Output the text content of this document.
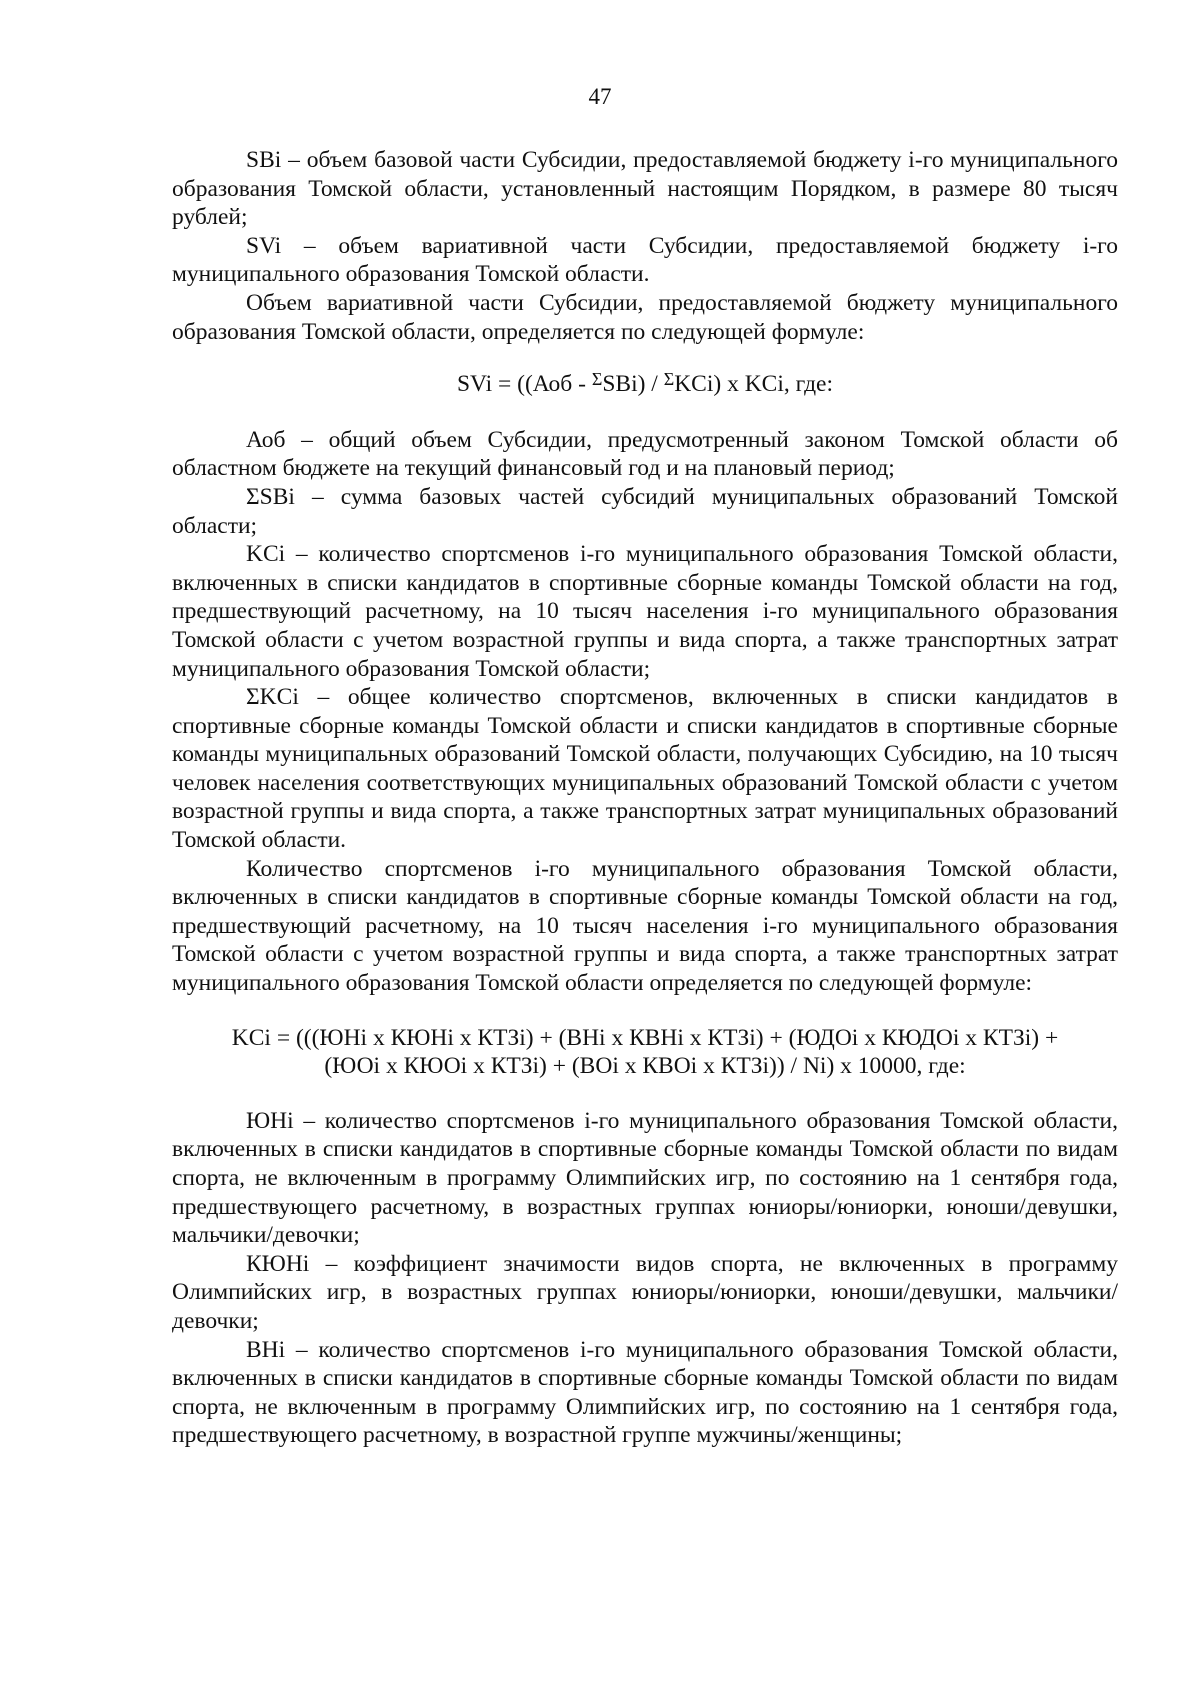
47

SBi – объем базовой части Субсидии, предоставляемой бюджету i-го муниципального образования Томской области, установленный настоящим Порядком, в размере 80 тысяч рублей;

SVi – объем вариативной части Субсидии, предоставляемой бюджету i-го муниципального образования Томской области.

Объем вариативной части Субсидии, предоставляемой бюджету муниципального образования Томской области, определяется по следующей формуле:

SVi = ((Аоб - $^\Sigma$SBi) / $^\Sigma$KCi) x KCi, где:

Аоб – общий объем Субсидии, предусмотренный законом Томской области об областном бюджете на текущий финансовый год и на плановый период;

ΣSBi – сумма базовых частей субсидий муниципальных образований Томской области;

KCi – количество спортсменов i-го муниципального образования Томской области, включенных в списки кандидатов в спортивные сборные команды Томской области на год, предшествующий расчетному, на 10 тысяч населения i-го муниципального образования Томской области с учетом возрастной группы и вида спорта, а также транспортных затрат муниципального образования Томской области;

ΣKCi – общее количество спортсменов, включенных в списки кандидатов в спортивные сборные команды Томской области и списки кандидатов в спортивные сборные команды муниципальных образований Томской области, получающих Субсидию, на 10 тысяч человек населения соответствующих муниципальных образований Томской области с учетом возрастной группы и вида спорта, а также транспортных затрат муниципальных образований Томской области.

Количество спортсменов i-го муниципального образования Томской области, включенных в списки кандидатов в спортивные сборные команды Томской области на год, предшествующий расчетному, на 10 тысяч населения i-го муниципального образования Томской области с учетом возрастной группы и вида спорта, а также транспортных затрат муниципального образования Томской области определяется по следующей формуле:

KCi = (((ЮНi x КЮНi x КТЗi) + (ВНi x КВНi x КТЗi) + (ЮДОi x КЮДОi x КТЗi) +
(ЮОi x КЮОi x КТЗi) + (ВОi x КВОi x КТЗi)) / Ni) x 10000, где:

ЮНi – количество спортсменов i-го муниципального образования Томской области, включенных в списки кандидатов в спортивные сборные команды Томской области по видам спорта, не включенным в программу Олимпийских игр, по состоянию на 1 сентября года, предшествующего расчетному, в возрастных группах юниоры/юниорки, юноши/девушки, мальчики/девочки;

КЮНi – коэффициент значимости видов спорта, не включенных в программу Олимпийских игр, в возрастных группах юниоры/юниорки, юноши/девушки, мальчики/девочки;

ВНi – количество спортсменов i-го муниципального образования Томской области, включенных в списки кандидатов в спортивные сборные команды Томской области по видам спорта, не включенным в программу Олимпийских игр, по состоянию на 1 сентября года, предшествующего расчетному, в возрастной группе мужчины/женщины;
